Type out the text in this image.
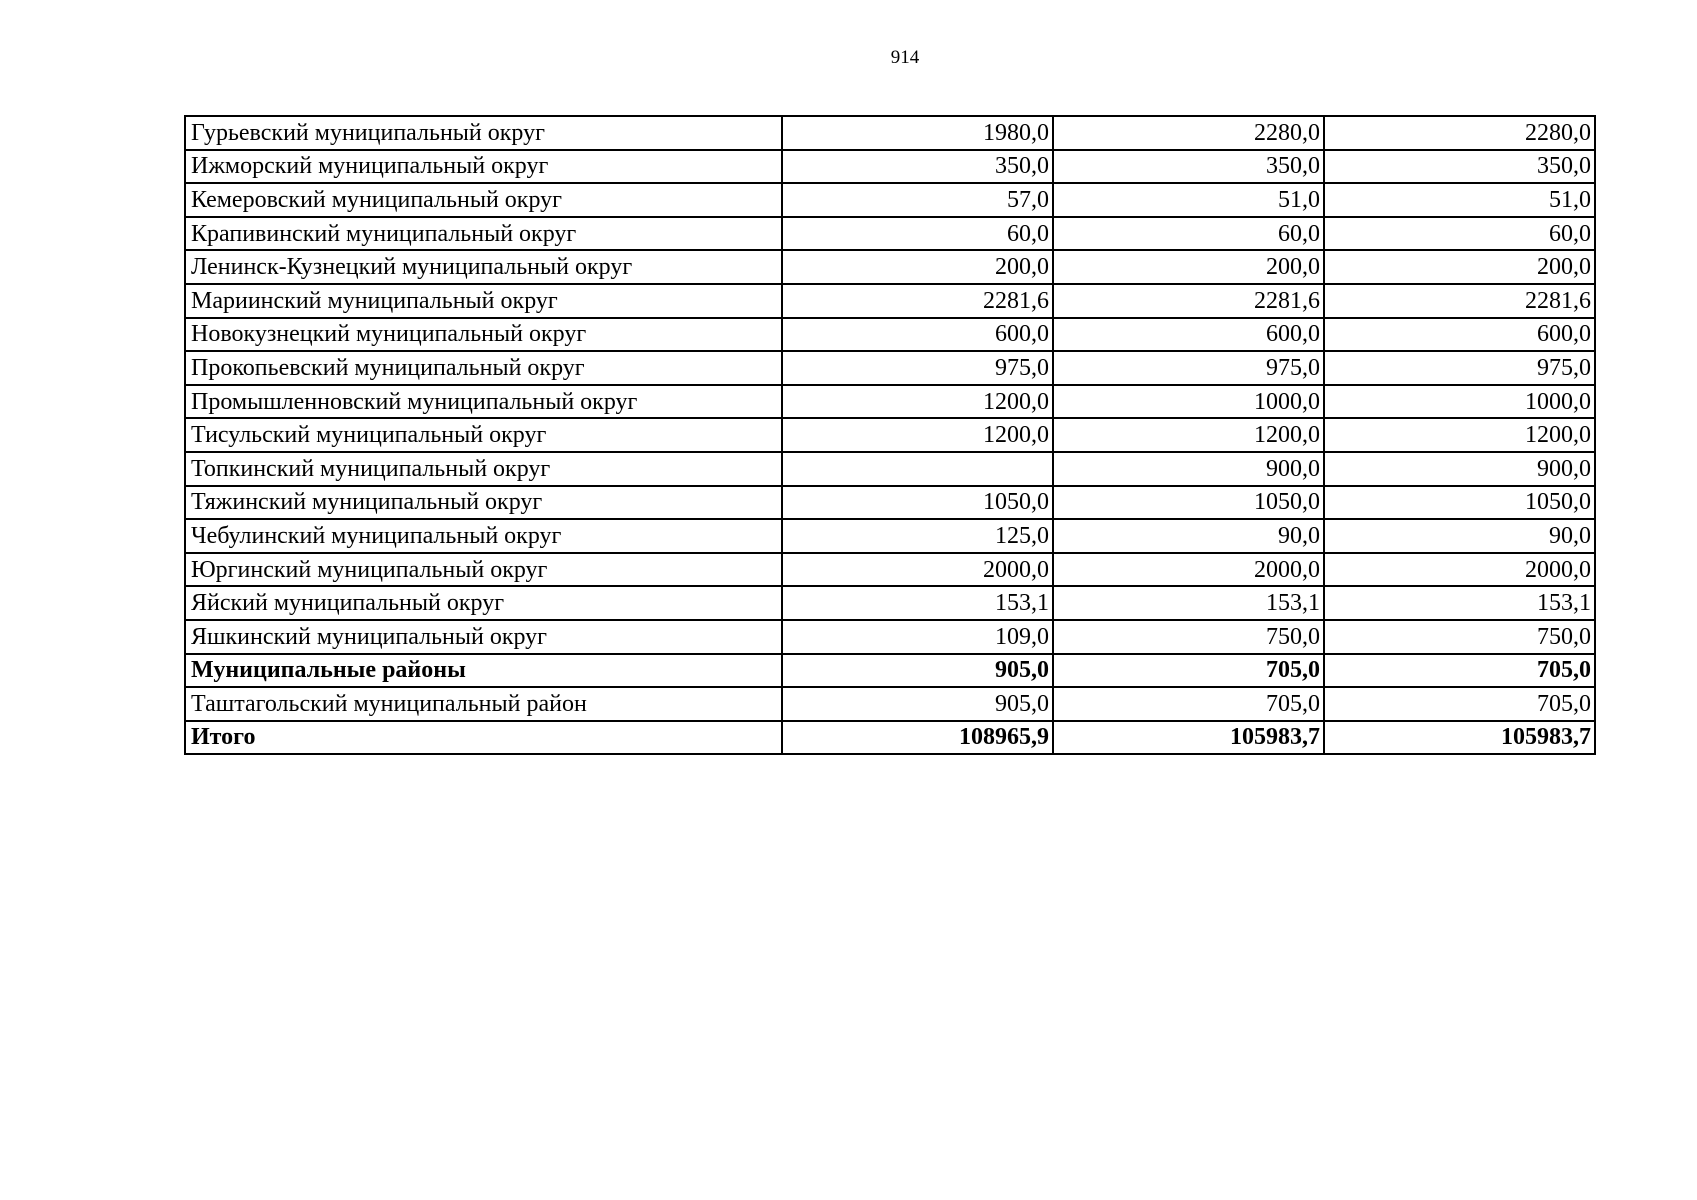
914
Гурьевский муниципальный округ	1980,0	2280,0	2280,0
Ижморский муниципальный округ	350,0	350,0	350,0
Кемеровский муниципальный округ	57,0	51,0	51,0
Крапивинский муниципальный округ	60,0	60,0	60,0
Ленинск-Кузнецкий муниципальный округ	200,0	200,0	200,0
Мариинский муниципальный округ	2281,6	2281,6	2281,6
Новокузнецкий муниципальный округ	600,0	600,0	600,0
Прокопьевский муниципальный округ	975,0	975,0	975,0
Промышленновский муниципальный округ	1200,0	1000,0	1000,0
Тисульский муниципальный округ	1200,0	1200,0	1200,0
Топкинский муниципальный округ		900,0	900,0
Тяжинский муниципальный округ	1050,0	1050,0	1050,0
Чебулинский муниципальный округ	125,0	90,0	90,0
Юргинский муниципальный округ	2000,0	2000,0	2000,0
Яйский муниципальный округ	153,1	153,1	153,1
Яшкинский муниципальный округ	109,0	750,0	750,0
Муниципальные районы	905,0	705,0	705,0
Таштагольский муниципальный район	905,0	705,0	705,0
Итого	108965,9	105983,7	105983,7
